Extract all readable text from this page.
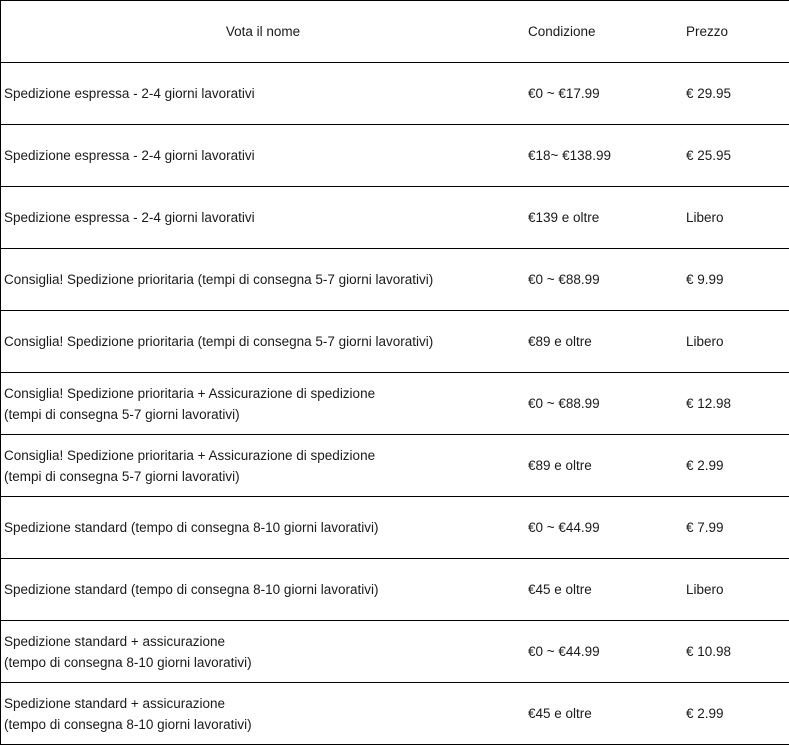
Vota il nome	Condizione	Prezzo
Spedizione espressa - 2-4 giorni lavorativi	€0 ~ €17.99	€ 29.95
Spedizione espressa - 2-4 giorni lavorativi	€18~ €138.99	€ 25.95
Spedizione espressa - 2-4 giorni lavorativi	€139 e oltre	Libero
Consiglia! Spedizione prioritaria (tempi di consegna 5-7 giorni lavorativi)	€0 ~ €88.99	€ 9.99
Consiglia! Spedizione prioritaria (tempi di consegna 5-7 giorni lavorativi)	€89 e oltre	Libero
Consiglia! Spedizione prioritaria + Assicurazione di spedizione
(tempi di consegna 5-7 giorni lavorativi)
€0 ~ €88.99	€ 12.98
Consiglia! Spedizione prioritaria + Assicurazione di spedizione
(tempi di consegna 5-7 giorni lavorativi)
€89 e oltre	€ 2.99
Spedizione standard (tempo di consegna 8-10 giorni lavorativi)	€0 ~ €44.99	€ 7.99
Spedizione standard (tempo di consegna 8-10 giorni lavorativi)	€45 e oltre	Libero
Spedizione standard + assicurazione
(tempo di consegna 8-10 giorni lavorativi)
€0 ~ €44.99	€ 10.98
Spedizione standard + assicurazione
(tempo di consegna 8-10 giorni lavorativi)
€45 e oltre	€ 2.99
